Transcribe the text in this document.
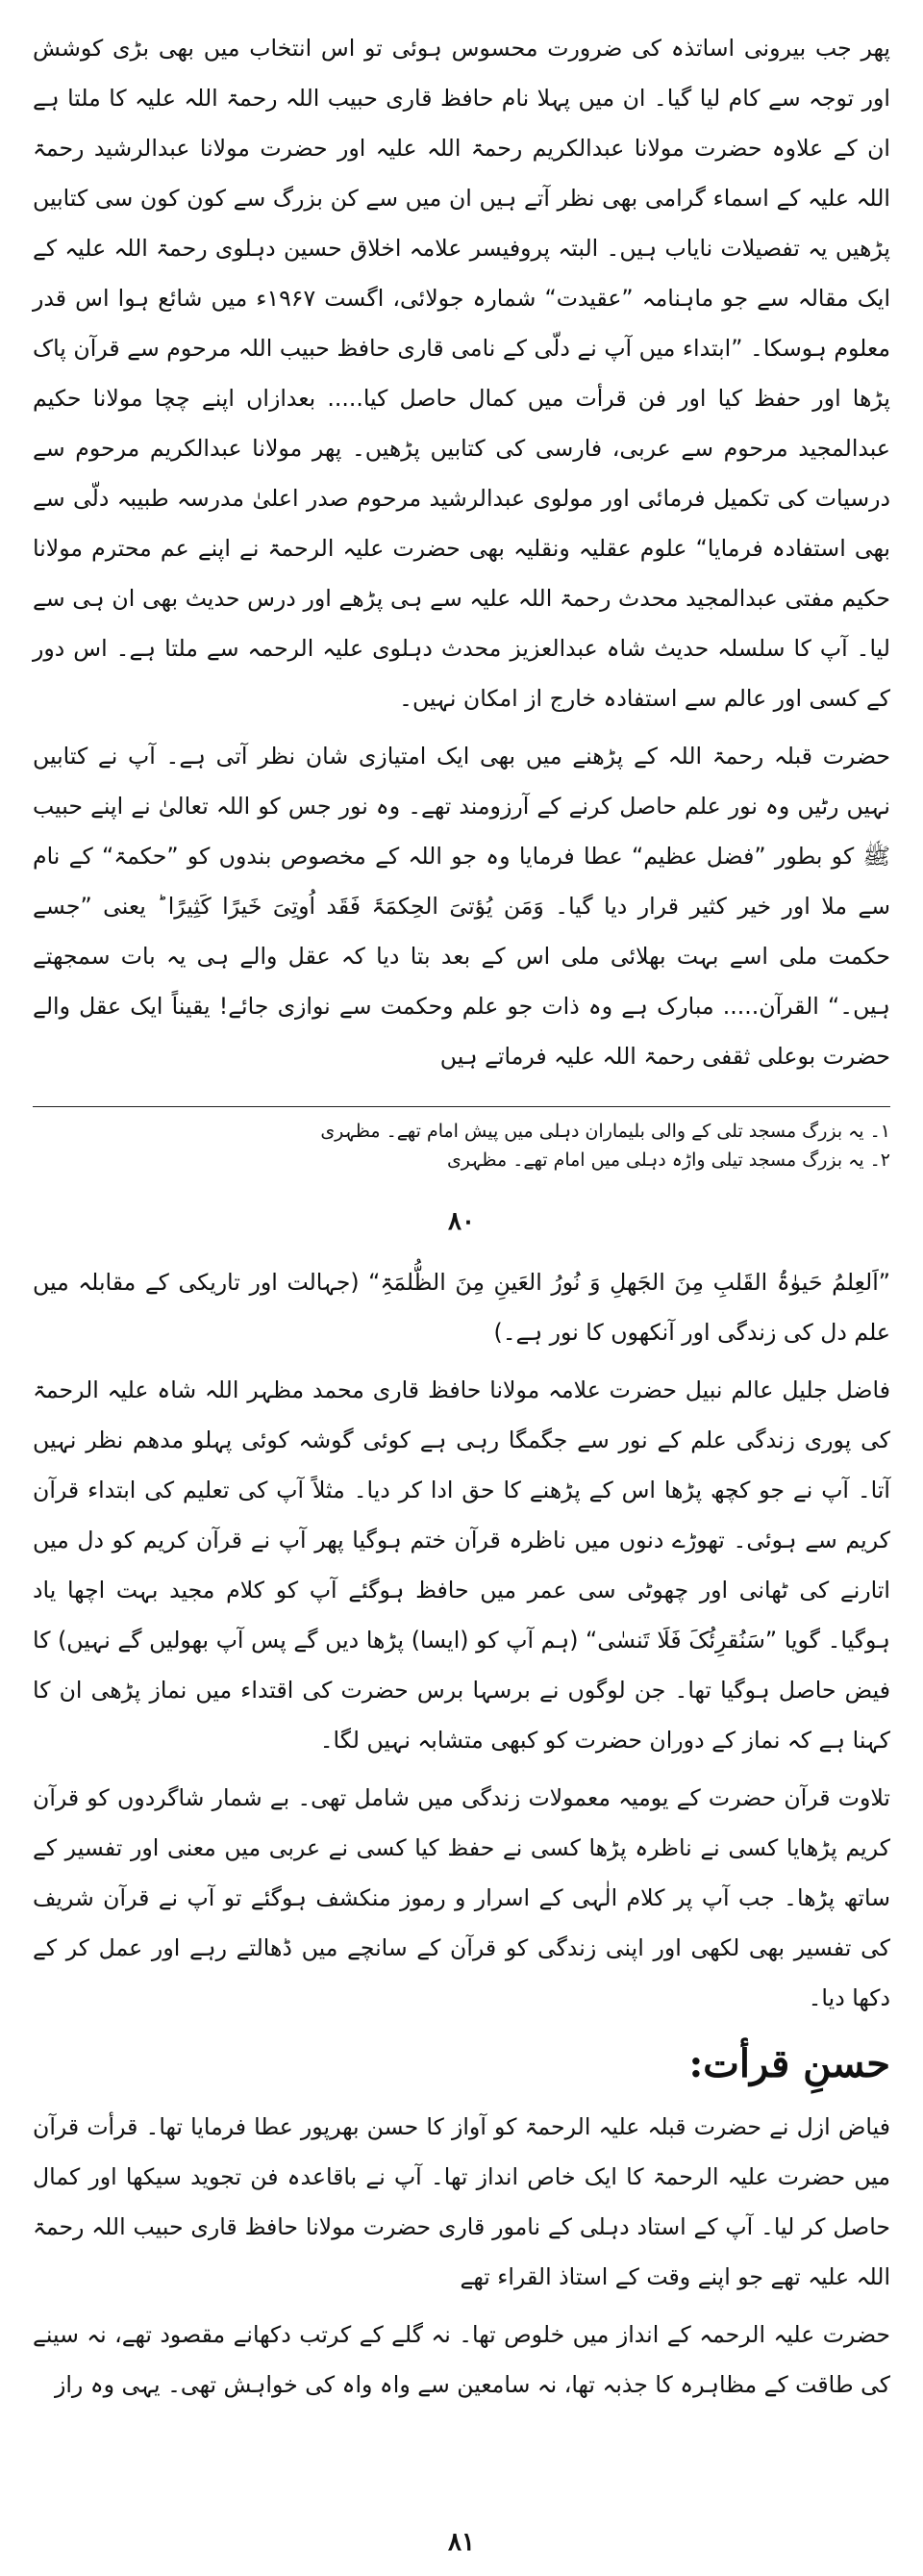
پھر جب بیرونی اساتذہ کی ضرورت محسوس ہوئی تو اس انتخاب میں بھی بڑی کوشش اور توجہ سے کام لیا گیا۔ ان میں پہلا نام حافظ قاری حبیب اللہ رحمۃ اللہ علیہ کا ملتا ہے ان کے علاوہ حضرت مولانا عبدالکریم رحمۃ اللہ علیہ اور حضرت مولانا عبدالرشید رحمۃ اللہ علیہ کے اسماء گرامی بھی نظر آتے ہیں ان میں سے کن بزرگ سے کون کون سی کتابیں پڑھیں یہ تفصیلات نایاب ہیں۔ البتہ پروفیسر علامہ اخلاق حسین دہلوی رحمۃ اللہ علیہ کے ایک مقالہ سے جو ماہنامہ ”عقیدت“ شمارہ جولائی، اگست ۱۹۶۷ء میں شائع ہوا اس قدر معلوم ہوسکا۔ ”ابتداء میں آپ نے دلّی کے نامی قاری حافظ حبیب اللہ مرحوم سے قرآن پاک پڑھا اور حفظ کیا اور فن قرأت میں کمال حاصل کیا..... بعدازاں اپنے چچا مولانا حکیم عبدالمجید مرحوم سے عربی، فارسی کی کتابیں پڑھیں۔ پھر مولانا عبدالکریم مرحوم سے درسیات کی تکمیل فرمائی اور مولوی عبدالرشید مرحوم صدر اعلیٰ مدرسہ طبیبہ دلّی سے بھی استفادہ فرمایا“ علوم عقلیہ ونقلیہ بھی حضرت علیہ الرحمۃ نے اپنے عم محترم مولانا حکیم مفتی عبدالمجید محدث رحمۃ اللہ علیہ سے ہی پڑھے اور درس حدیث بھی ان ہی سے لیا۔ آپ کا سلسلہ حدیث شاہ عبدالعزیز محدث دہلوی علیہ الرحمہ سے ملتا ہے۔ اس دور کے کسی اور عالم سے استفادہ خارج از امکان نہیں۔

حضرت قبلہ رحمۃ اللہ کے پڑھنے میں بھی ایک امتیازی شان نظر آتی ہے۔ آپ نے کتابیں نہیں رٹیں وہ نور علم حاصل کرنے کے آرزومند تھے۔ وہ نور جس کو اللہ تعالیٰ نے اپنے حبیب ﷺ کو بطور ”فضل عظیم“ عطا فرمایا وہ جو اللہ کے مخصوص بندوں کو ”حکمۃ“ کے نام سے ملا اور خیر کثیر قرار دیا گیا۔ وَمَن یُؤتیَ الحِکمَۃَ فَقَد اُوتِیَ خَیرًا کَثِیرًا ؕ یعنی ”جسے حکمت ملی اسے بہت بھلائی ملی اس کے بعد بتا دیا کہ عقل والے ہی یہ بات سمجھتے ہیں۔“ القرآن..... مبارک ہے وہ ذات جو علم وحکمت سے نوازی جائے! یقیناً ایک عقل والے حضرت بوعلی ثقفی رحمۃ اللہ علیہ فرماتے ہیں

۱۔ یہ بزرگ مسجد تلی کے والی بلیماران دہلی میں پیش امام تھے۔ مظہری

۲۔ یہ بزرگ مسجد تیلی واڑہ دہلی میں امام تھے۔ مظہری

۸۰

”اَلعِلمُ حَیوٰۃُ القَلبِ مِنَ الجَھلِ وَ نُورُ العَینِ مِنَ الظُّلمَۃِ“ (جہالت اور تاریکی کے مقابلہ میں علم دل کی زندگی اور آنکھوں کا نور ہے۔)

فاضل جلیل عالم نبیل حضرت علامہ مولانا حافظ قاری محمد مظہر اللہ شاہ علیہ الرحمۃ کی پوری زندگی علم کے نور سے جگمگا رہی ہے کوئی گوشہ کوئی پہلو مدھم نظر نہیں آتا۔ آپ نے جو کچھ پڑھا اس کے پڑھنے کا حق ادا کر دیا۔ مثلاً آپ کی تعلیم کی ابتداء قرآن کریم سے ہوئی۔ تھوڑے دنوں میں ناظرہ قرآن ختم ہوگیا پھر آپ نے قرآن کریم کو دل میں اتارنے کی ٹھانی اور چھوٹی سی عمر میں حافظ ہوگئے آپ کو کلام مجید بہت اچھا یاد ہوگیا۔ گویا ”سَنُقرِئُکَ فَلَا تَنسٰی“ (ہم آپ کو (ایسا) پڑھا دیں گے پس آپ بھولیں گے نہیں) کا فیض حاصل ہوگیا تھا۔ جن لوگوں نے برسہا برس حضرت کی اقتداء میں نماز پڑھی ان کا کہنا ہے کہ نماز کے دوران حضرت کو کبھی متشابہ نہیں لگا۔

تلاوت قرآن حضرت کے یومیہ معمولات زندگی میں شامل تھی۔ بے شمار شاگردوں کو قرآن کریم پڑھایا کسی نے ناظرہ پڑھا کسی نے حفظ کیا کسی نے عربی میں معنی اور تفسیر کے ساتھ پڑھا۔ جب آپ پر کلام الٰہی کے اسرار و رموز منکشف ہوگئے تو آپ نے قرآن شریف کی تفسیر بھی لکھی اور اپنی زندگی کو قرآن کے سانچے میں ڈھالتے رہے اور عمل کر کے دکھا دیا۔

حسنِ قرأت:

فیاض ازل نے حضرت قبلہ علیہ الرحمۃ کو آواز کا حسن بھرپور عطا فرمایا تھا۔ قرأت قرآن میں حضرت علیہ الرحمۃ کا ایک خاص انداز تھا۔ آپ نے باقاعدہ فن تجوید سیکھا اور کمال حاصل کر لیا۔ آپ کے استاد دہلی کے نامور قاری حضرت مولانا حافظ قاری حبیب اللہ رحمۃ اللہ علیہ تھے جو اپنے وقت کے استاذ القراء تھے

حضرت علیہ الرحمہ کے انداز میں خلوص تھا۔ نہ گلے کے کرتب دکھانے مقصود تھے، نہ سینے کی طاقت کے مظاہرہ کا جذبہ تھا، نہ سامعین سے واہ واہ کی خواہش تھی۔ یہی وہ راز

۸۱
